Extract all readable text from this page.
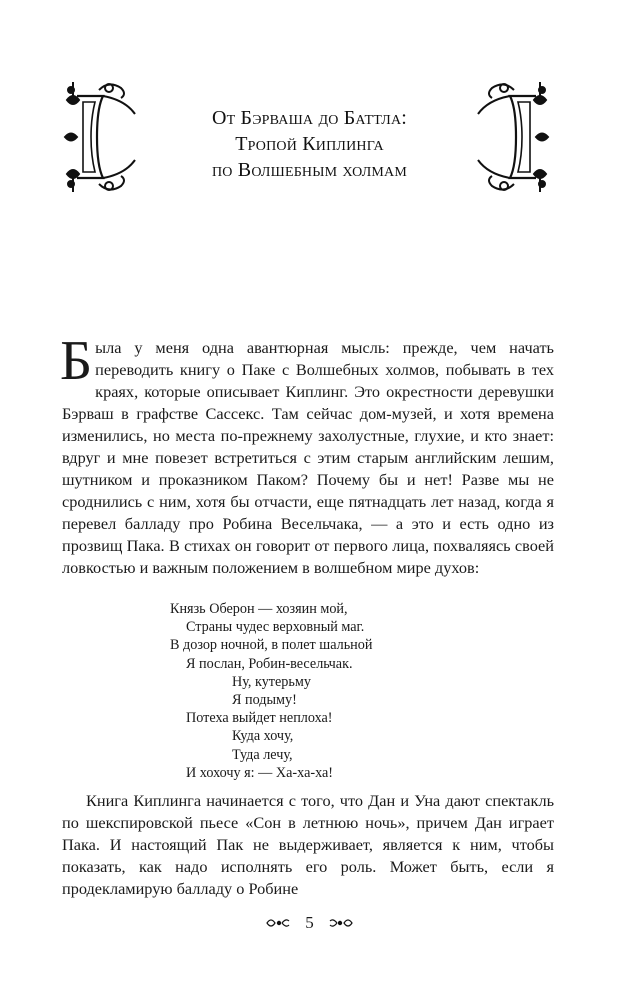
От Бэрваша до Баттла:
Тропой Киплинга
по Волшебным холмам

Была у меня одна авантюрная мысль: прежде, чем начать переводить книгу о Паке с Волшебных холмов, побывать в тех краях, которые описывает Киплинг. Это окрестности деревушки Бэрваш в графстве Сассекс. Там сейчас дом-музей, и хотя времена изменились, но места по-прежнему захолустные, глухие, и кто знает: вдруг и мне повезет встретиться с этим старым английским лешим, шутником и проказником Паком? Почему бы и нет! Разве мы не сроднились с ним, хотя бы отчасти, еще пятнадцать лет назад, когда я перевел балладу про Робина Весельчака, — а это и есть одно из прозвищ Пака. В стихах он говорит от первого лица, похваляясь своей ловкостью и важным положением в волшебном мире духов:

Князь Оберон — хозяин мой,
Страны чудес верховный маг.
В дозор ночной, в полет шальной
Я послан, Робин-весельчак.
Ну, кутерьму
Я подыму!
Потеха выйдет неплоха!
Куда хочу,
Туда лечу,
И хохочу я: — Ха-ха-ха!

Книга Киплинга начинается с того, что Дан и Уна дают спектакль по шекспировской пьесе «Сон в летнюю ночь», причем Дан играет Пака. И настоящий Пак не выдерживает, является к ним, чтобы показать, как надо исполнять его роль. Может быть, если я продекламирую балладу о Робине

5
